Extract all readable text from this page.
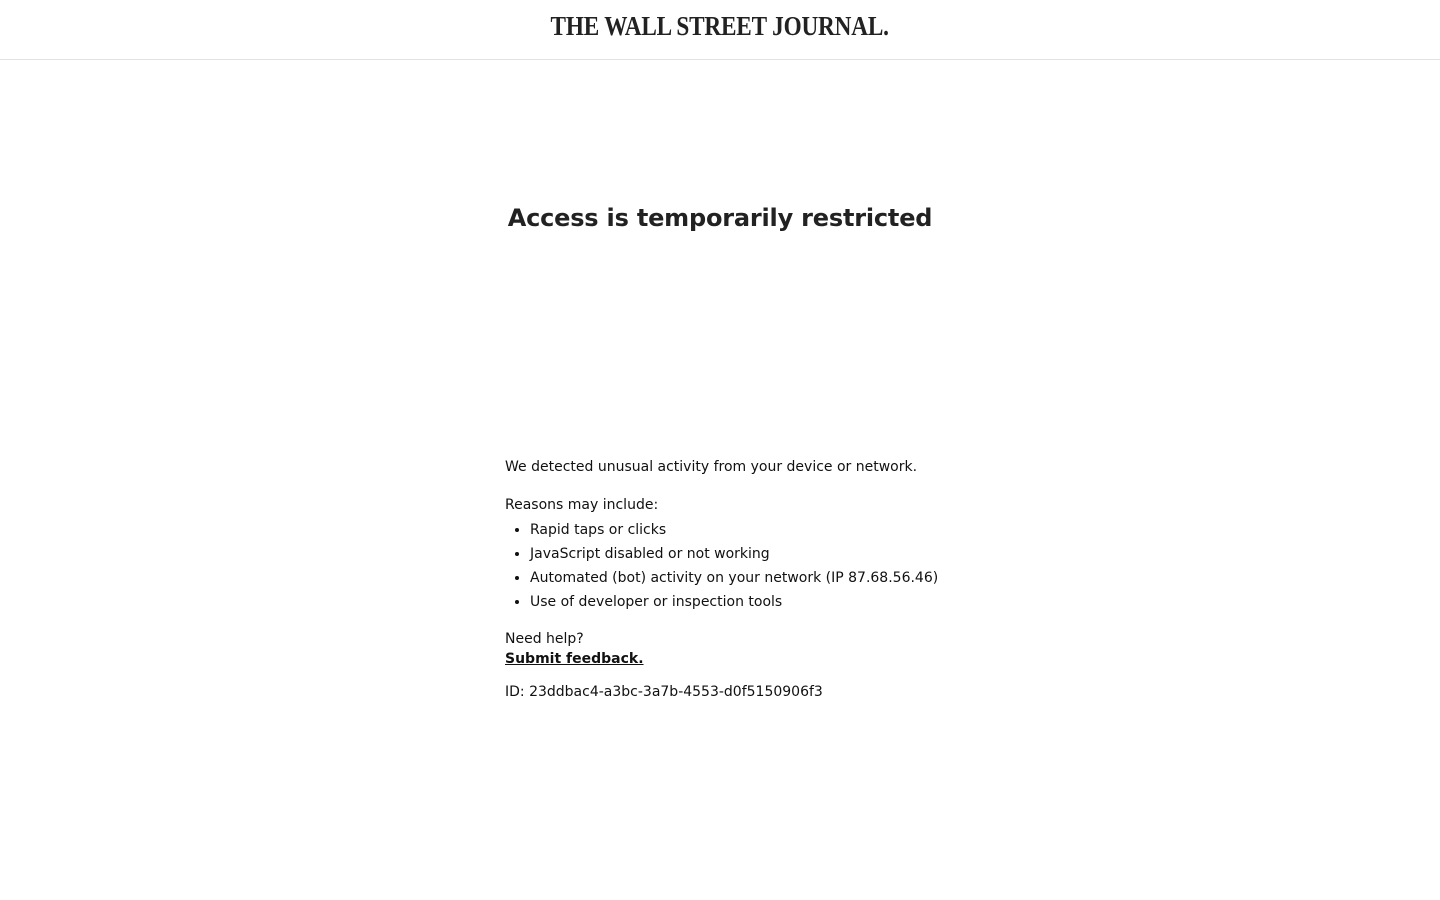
THE WALL STREET JOURNAL.
Access is temporarily restricted

We detected unusual activity from your device or network.

Reasons may include:

• Rapid taps or clicks
• JavaScript disabled or not working
• Automated (bot) activity on your network (IP 87.68.56.46)
• Use of developer or inspection tools

Need help?

Submit feedback.

ID: 23ddbac4-a3bc-3a7b-4553-d0f5150906f3
